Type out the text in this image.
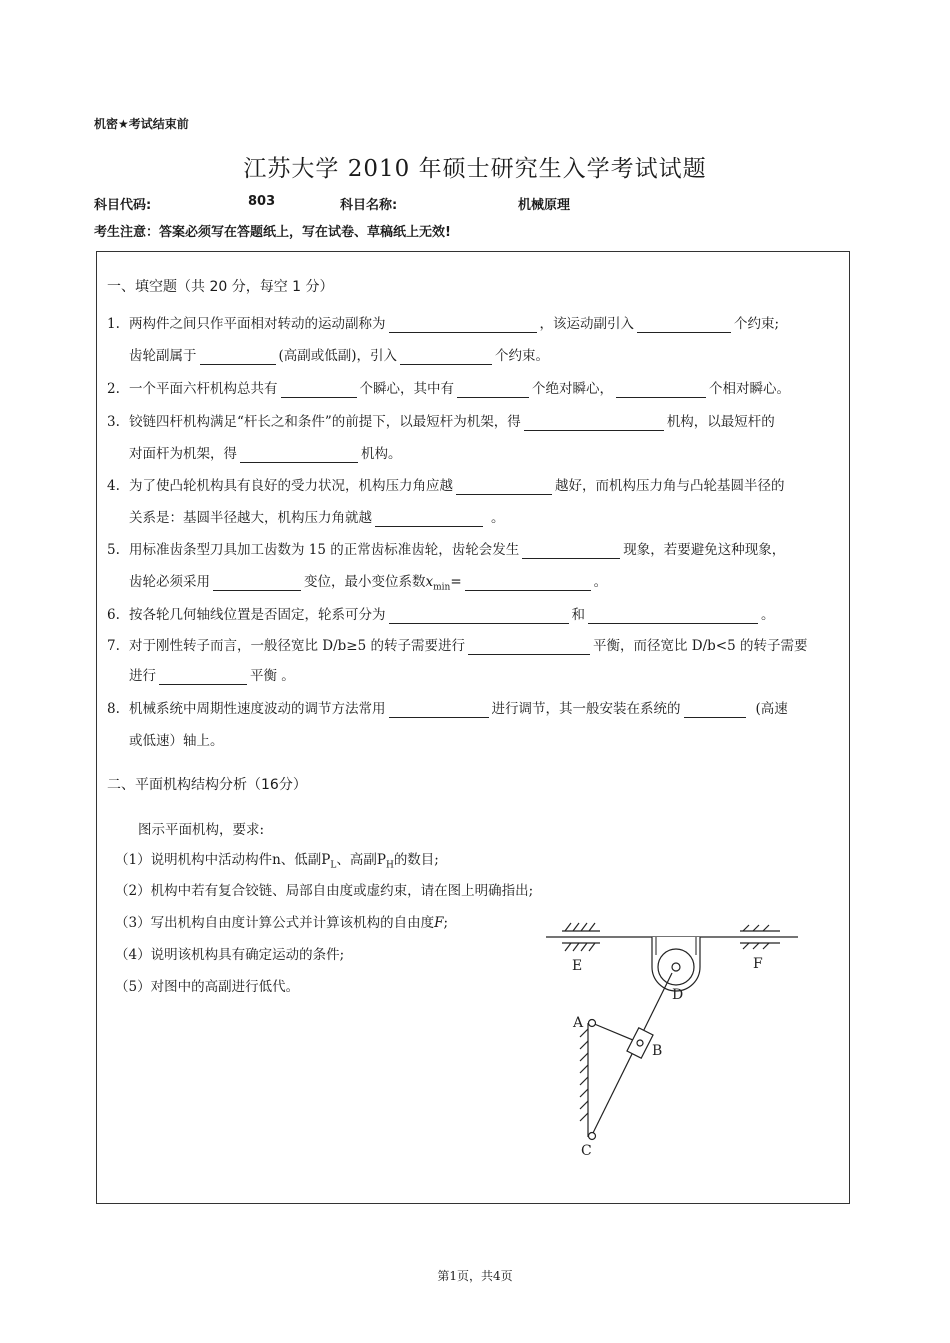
机密★考试结束前
江苏大学 2010 年硕士研究生入学考试试题
科目代码:	803	科目名称:	机械原理
考生注意：答案必须写在答题纸上，写在试卷、草稿纸上无效!
一、填空题（共 20 分，每空 1 分）
1. 两构件之间只作平面相对转动的运动副称为	，该运动副引入	个约束;
齿轮副属于	(高副或低副)，引入	个约束。
2. 一个平面六杆机构总共有	个瞬心，其中有	个绝对瞬心，	个相对瞬心。
3. 铰链四杆机构满足“杆长之和条件”的前提下，以最短杆为机架，得	机构，以最短杆的
对面杆为机架，得	机构。
4. 为了使凸轮机构具有良好的受力状况，机构压力角应越	越好，而机构压力角与凸轮基圆半径的
关系是：基圆半径越大，机构压力角就越	。
5. 用标准齿条型刀具加工齿数为 15 的正常齿标准齿轮，齿轮会发生	现象，若要避免这种现象，
齿轮必须采用	变位，最小变位系数$x_{min}=$	。
6. 按各轮几何轴线位置是否固定，轮系可分为	和	。
7. 对于刚性转子而言，一般径宽比 D/b≥5 的转子需要进行	平衡，而径宽比 D/b<5 的转子需要
进行	平衡 。
8. 机械系统中周期性速度波动的调节方法常用	进行调节，其一般安装在系统的	(高速
或低速）轴上。
二、平面机构结构分析（16分）
图示平面机构，要求:
（1）说明机构中活动构件n、低副$P_L$、高副$P_H$的数目;
（2）机构中若有复合铰链、局部自由度或虚约束，请在图上明确指出;
（3）写出机构自由度计算公式并计算该机构的自由度F;
（4）说明该机构具有确定运动的条件;
（5）对图中的高副进行低代。
E	F
D
A
B
C
第1页，共4页
